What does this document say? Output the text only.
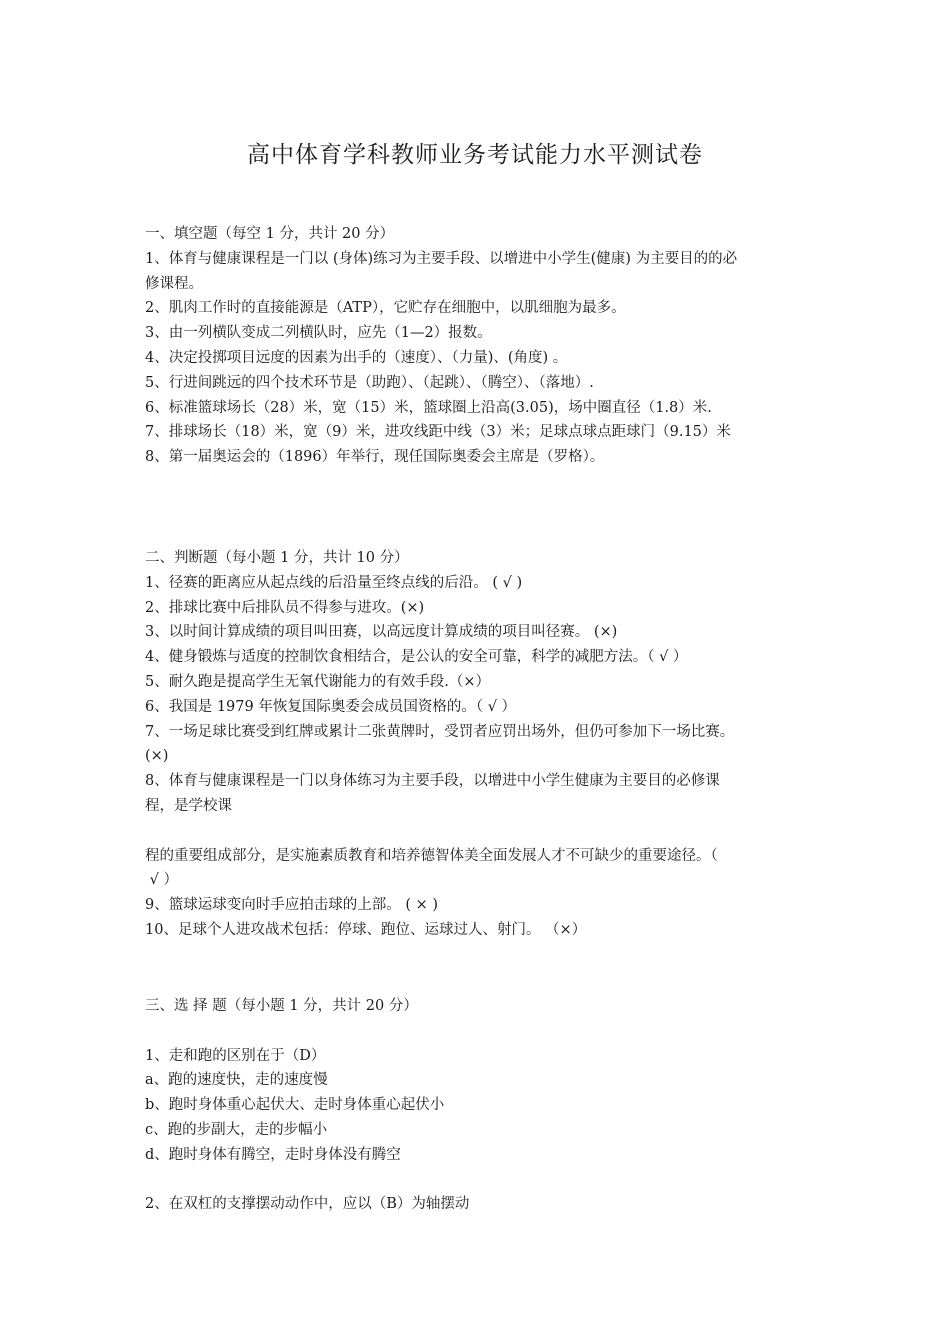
高中体育学科教师业务考试能力水平测试卷
一、填空题（每空 1 分，共计 20 分）
1、体育与健康课程是一门以 (身体)练习为主要手段、以增进中小学生(健康) 为主要目的的必
修课程。
2、肌肉工作时的直接能源是（ATP），它贮存在细胞中，以肌细胞为最多。
3、由一列横队变成二列横队时，应先（1—2）报数。
4、决定投掷项目远度的因素为出手的（速度）、（力量)、(角度) 。
5、行进间跳远的四个技术环节是（助跑）、（起跳）、（腾空）、（落地）.
6、标准篮球场长（28）米，宽（15）米，篮球圈上沿高(3.05)，场中圈直径（1.8）米.
7、排球场长（18）米，宽（9）米，进攻线距中线（3）米；足球点球点距球门（9.15）米
8、第一届奥运会的（1896）年举行，现任国际奥委会主席是（罗格）。
二、判断题（每小题 1 分，共计 10 分）
1、径赛的距离应从起点线的后沿量至终点线的后沿。 ( √ )
2、排球比赛中后排队员不得参与进攻。(×)
3、以时间计算成绩的项目叫田赛，以高远度计算成绩的项目叫径赛。 (×)
4、健身锻炼与适度的控制饮食相结合，是公认的安全可靠，科学的减肥方法。（ √ ）
5、耐久跑是提高学生无氧代谢能力的有效手段.（×）
6、我国是 1979 年恢复国际奥委会成员国资格的。（ √ ）
7、一场足球比赛受到红牌或累计二张黄牌时，受罚者应罚出场外，但仍可参加下一场比赛。
(×)
8、体育与健康课程是一门以身体练习为主要手段，以增进中小学生健康为主要目的必修课
程，是学校课
程的重要组成部分，是实施素质教育和培养德智体美全面发展人才不可缺少的重要途径。（
√ ）
9、篮球运球变向时手应拍击球的上部。 ( × )
10、足球个人进攻战术包括：停球、跑位、运球过人、射门。 （×）
三、选 择 题（每小题 1 分，共计 20 分）
1、走和跑的区别在于（D）
a、跑的速度快，走的速度慢
b、跑时身体重心起伏大、走时身体重心起伏小
c、跑的步副大，走的步幅小
d、跑时身体有腾空，走时身体没有腾空
2、在双杠的支撑摆动动作中，应以（B）为轴摆动
